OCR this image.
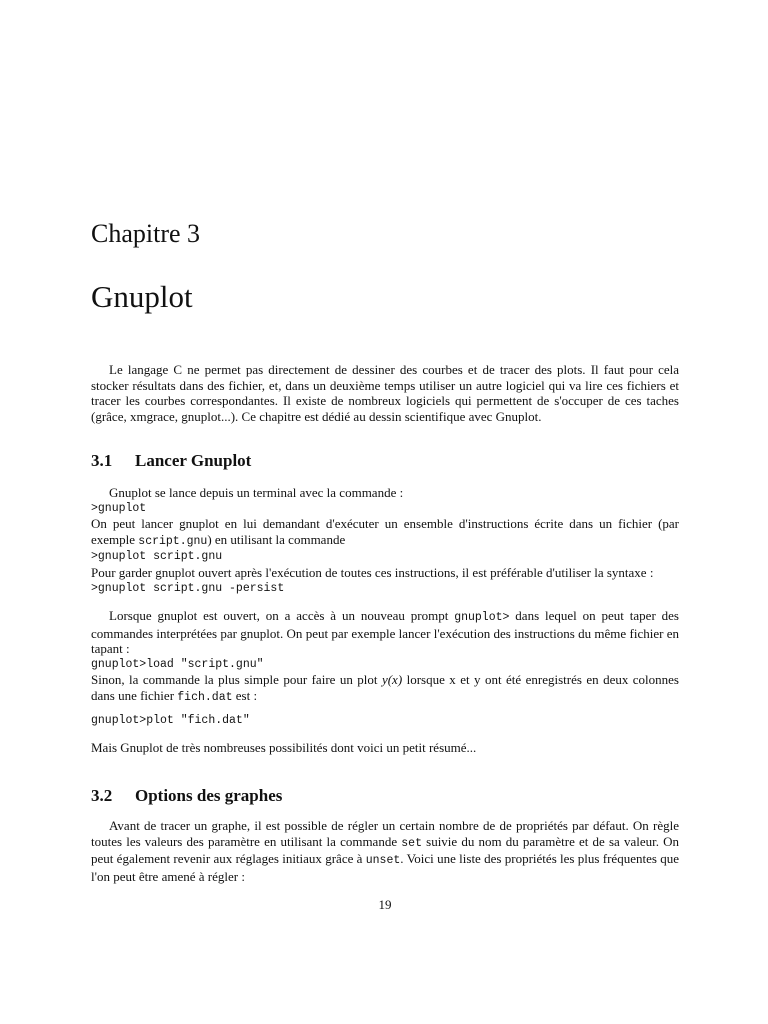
Chapitre 3
Gnuplot

Le langage C ne permet pas directement de dessiner des courbes et de tracer des plots. Il faut pour cela stocker résultats dans des fichier, et, dans un deuxième temps utiliser un autre logiciel qui va lire ces fichiers et tracer les courbes correspondantes. Il existe de nombreux logiciels qui permettent de s'occuper de ces taches (grâce, xmgrace, gnuplot...). Ce chapitre est dédié au dessin scientifique avec Gnuplot.

3.1 Lancer Gnuplot

Gnuplot se lance depuis un terminal avec la commande :

>gnuplot

On peut lancer gnuplot en lui demandant d'exécuter un ensemble d'instructions écrite dans un fichier (par exemple script.gnu) en utilisant la commande

>gnuplot script.gnu

Pour garder gnuplot ouvert après l'exécution de toutes ces instructions, il est préférable d'utiliser la syntaxe :

>gnuplot script.gnu -persist

Lorsque gnuplot est ouvert, on a accès à un nouveau prompt gnuplot> dans lequel on peut taper des commandes interprétées par gnuplot. On peut par exemple lancer l'exécution des instructions du même fichier en tapant :

gnuplot>load "script.gnu"

Sinon, la commande la plus simple pour faire un plot y(x) lorsque x et y ont été enregistrés en deux colonnes dans une fichier fich.dat est :

gnuplot>plot "fich.dat"

Mais Gnuplot de très nombreuses possibilités dont voici un petit résumé...

3.2 Options des graphes

Avant de tracer un graphe, il est possible de régler un certain nombre de de propriétés par défaut. On règle toutes les valeurs des paramètre en utilisant la commande set suivie du nom du paramètre et de sa valeur. On peut également revenir aux réglages initiaux grâce à unset. Voici une liste des propriétés les plus fréquentes que l'on peut être amené à régler :

19
